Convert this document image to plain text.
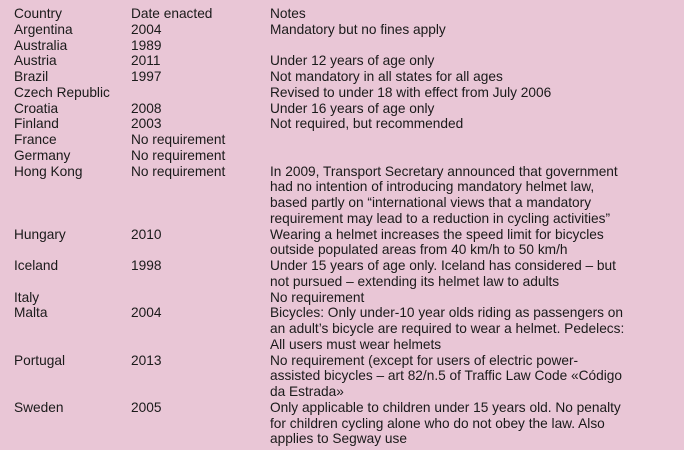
Country	Date enacted	Notes
Argentina	2004	Mandatory but no fines apply
Australia	1989	
Austria	2011	Under 12 years of age only
Brazil	1997	Not mandatory in all states for all ages
Czech Republic		Revised to under 18 with effect from July 2006
Croatia	2008	Under 16 years of age only
Finland	2003	Not required, but recommended
France	No requirement	
Germany	No requirement	
Hong Kong	No requirement	In 2009, Transport Secretary announced that government
had no intention of introducing mandatory helmet law,
based partly on “international views that a mandatory
requirement may lead to a reduction in cycling activities”
Hungary	2010	Wearing a helmet increases the speed limit for bicycles
outside populated areas from 40 km/h to 50 km/h
Iceland	1998	Under 15 years of age only. Iceland has considered – but
not pursued – extending its helmet law to adults
Italy		No requirement
Malta	2004	Bicycles: Only under-10 year olds riding as passengers on
an adult’s bicycle are required to wear a helmet. Pedelecs:
All users must wear helmets
Portugal	2013	No requirement (except for users of electric power-
assisted bicycles – art 82/n.5 of Traffic Law Code «Código
da Estrada»
Sweden	2005	Only applicable to children under 15 years old. No penalty
for children cycling alone who do not obey the law. Also
applies to Segway use
